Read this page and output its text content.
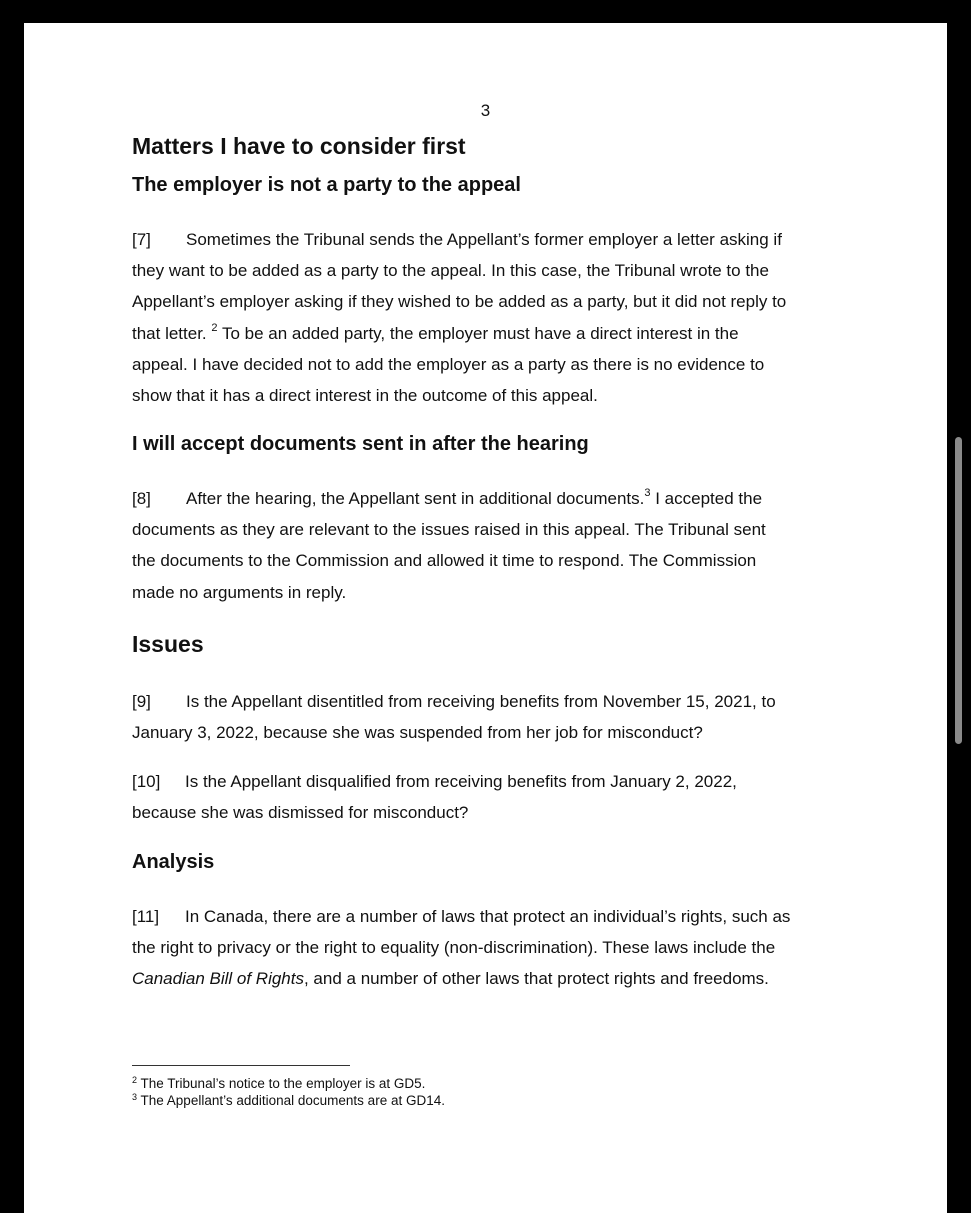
3
Matters I have to consider first
The employer is not a party to the appeal

[7] Sometimes the Tribunal sends the Appellant’s former employer a letter asking if
they want to be added as a party to the appeal. In this case, the Tribunal wrote to the
Appellant’s employer asking if they wished to be added as a party, but it did not reply to
that letter. $^2$ To be an added party, the employer must have a direct interest in the
appeal. I have decided not to add the employer as a party as there is no evidence to
show that it has a direct interest in the outcome of this appeal.

I will accept documents sent in after the hearing

[8] After the hearing, the Appellant sent in additional documents.$^3$ I accepted the
documents as they are relevant to the issues raised in this appeal. The Tribunal sent
the documents to the Commission and allowed it time to respond. The Commission
made no arguments in reply.

Issues

[9] Is the Appellant disentitled from receiving benefits from November 15, 2021, to
January 3, 2022, because she was suspended from her job for misconduct?

[10] Is the Appellant disqualified from receiving benefits from January 2, 2022,
because she was dismissed for misconduct?

Analysis

[11] In Canada, there are a number of laws that protect an individual’s rights, such as
the right to privacy or the right to equality (non-discrimination). These laws include the
Canadian Bill of Rights, and a number of other laws that protect rights and freedoms.

$^2$ The Tribunal’s notice to the employer is at GD5.
$^3$ The Appellant’s additional documents are at GD14.
